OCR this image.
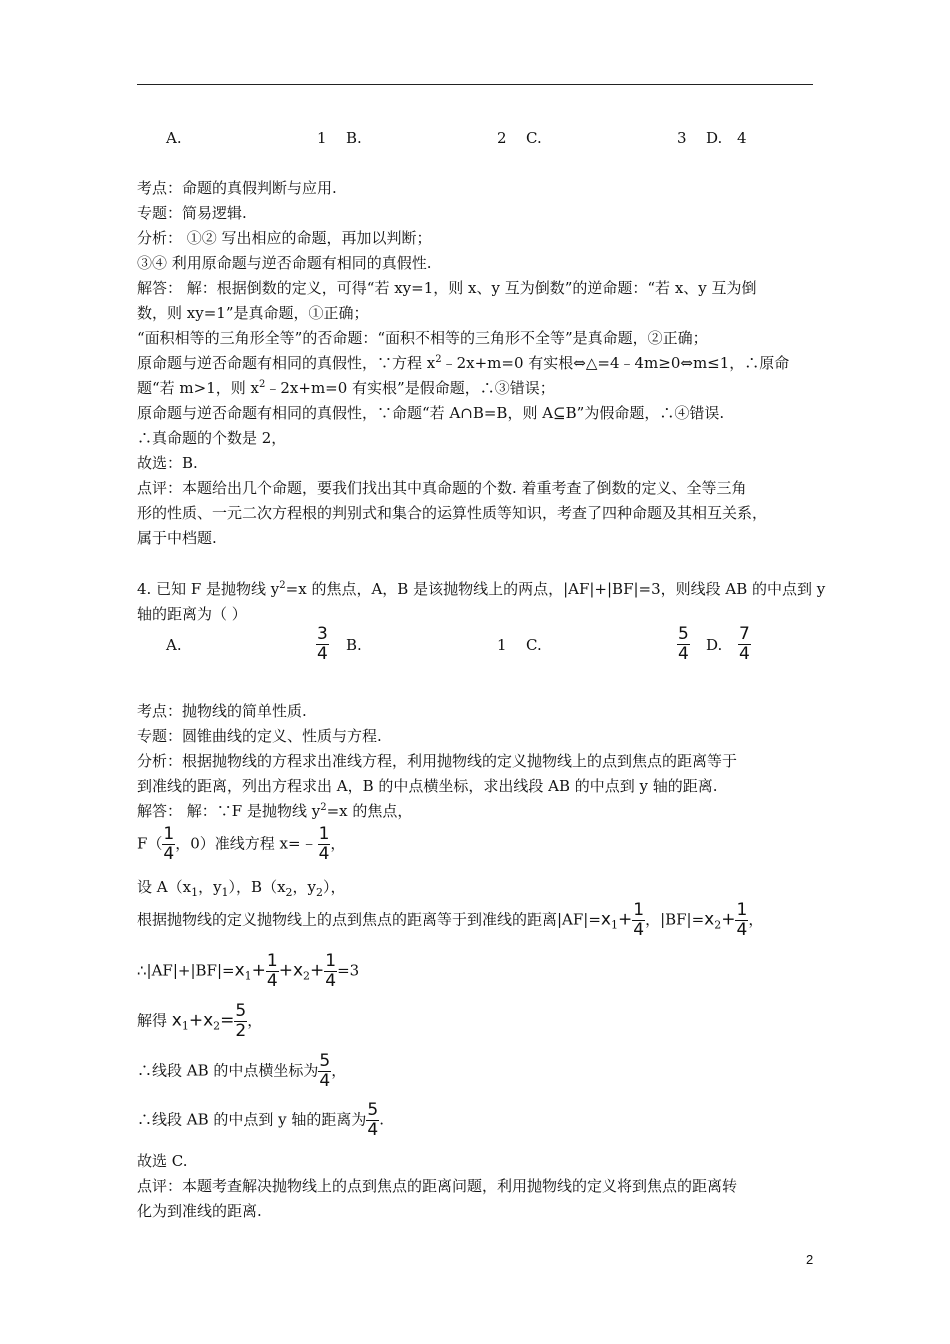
A.	1 B.	2 C.	3 D. 4
考点：命题的真假判断与应用.
专题：简易逻辑.
分析： ①② 写出相应的命题，再加以判断；
③④ 利用原命题与逆否命题有相同的真假性.
解答： 解：根据倒数的定义，可得“若 xy=1，则 x、y 互为倒数”的逆命题：“若 x、y 互为倒
数，则 xy=1”是真命题，①正确；
“面积相等的三角形全等”的否命题：“面积不相等的三角形不全等”是真命题，②正确；
原命题与逆否命题有相同的真假性，∵方程 $x^2﹣2x+m=0$ 有实根⇔△=4﹣4m≥0⇔m≤1，∴原命
题“若 m>1，则 $x^2﹣2x+m=0$ 有实根”是假命题，∴③错误；
原命题与逆否命题有相同的真假性，∵命题“若 A∩B=B，则 A⊆B”为假命题，∴④错误.
∴真命题的个数是 2，
故选：B.
点评：本题给出几个命题，要我们找出其中真命题的个数. 着重考查了倒数的定义、全等三角
形的性质、一元二次方程根的判别式和集合的运算性质等知识，考查了四种命题及其相互关系，
属于中档题.
4. 已知 F 是抛物线 $y^2=x$ 的焦点，A，B 是该抛物线上的两点，|AF|+|BF|=3，则线段 AB 的中点到 y
轴的距离为（ ）
A.	$\frac{3}{4} B$.	1 C.	$\frac{5}{4} D$. $\frac{7}{4}$
考点：抛物线的简单性质.
专题：圆锥曲线的定义、性质与方程.
分析：根据抛物线的方程求出准线方程，利用抛物线的定义抛物线上的点到焦点的距离等于
到准线的距离，列出方程求出 A，B 的中点横坐标，求出线段 AB 的中点到 y 轴的距离.
解答： 解：∵F 是抛物线 $y^2=x$ 的焦点，
$F( \frac{1}{4}$ ，0）准线方程 x=﹣ $\frac{1}{4}$ ，
设 $A(x_1$，$y_1$），$B(x_2$，$y_2$），
根据抛物线的定义抛物线上的点到焦点的距离等于到准线的距离$|AF|=x_1+ \frac{1}{4}$ ，$|BF|=x_2+ \frac{1}{4}$ ，
$\therefore|AF|+|BF|=x_1+ \frac{1}{4} +x_2+ \frac{1}{4} =3$
解得 $x_1+x_2= \frac{5}{2}$ ，
∴线段 AB 的中点横坐标为 $\frac{5}{4}$ ，
∴线段 AB 的中点到 y 轴的距离为 $\frac{5}{4}$ .
故选 C.
点评：本题考查解决抛物线上的点到焦点的距离问题，利用抛物线的定义将到焦点的距离转
化为到准线的距离.
2
